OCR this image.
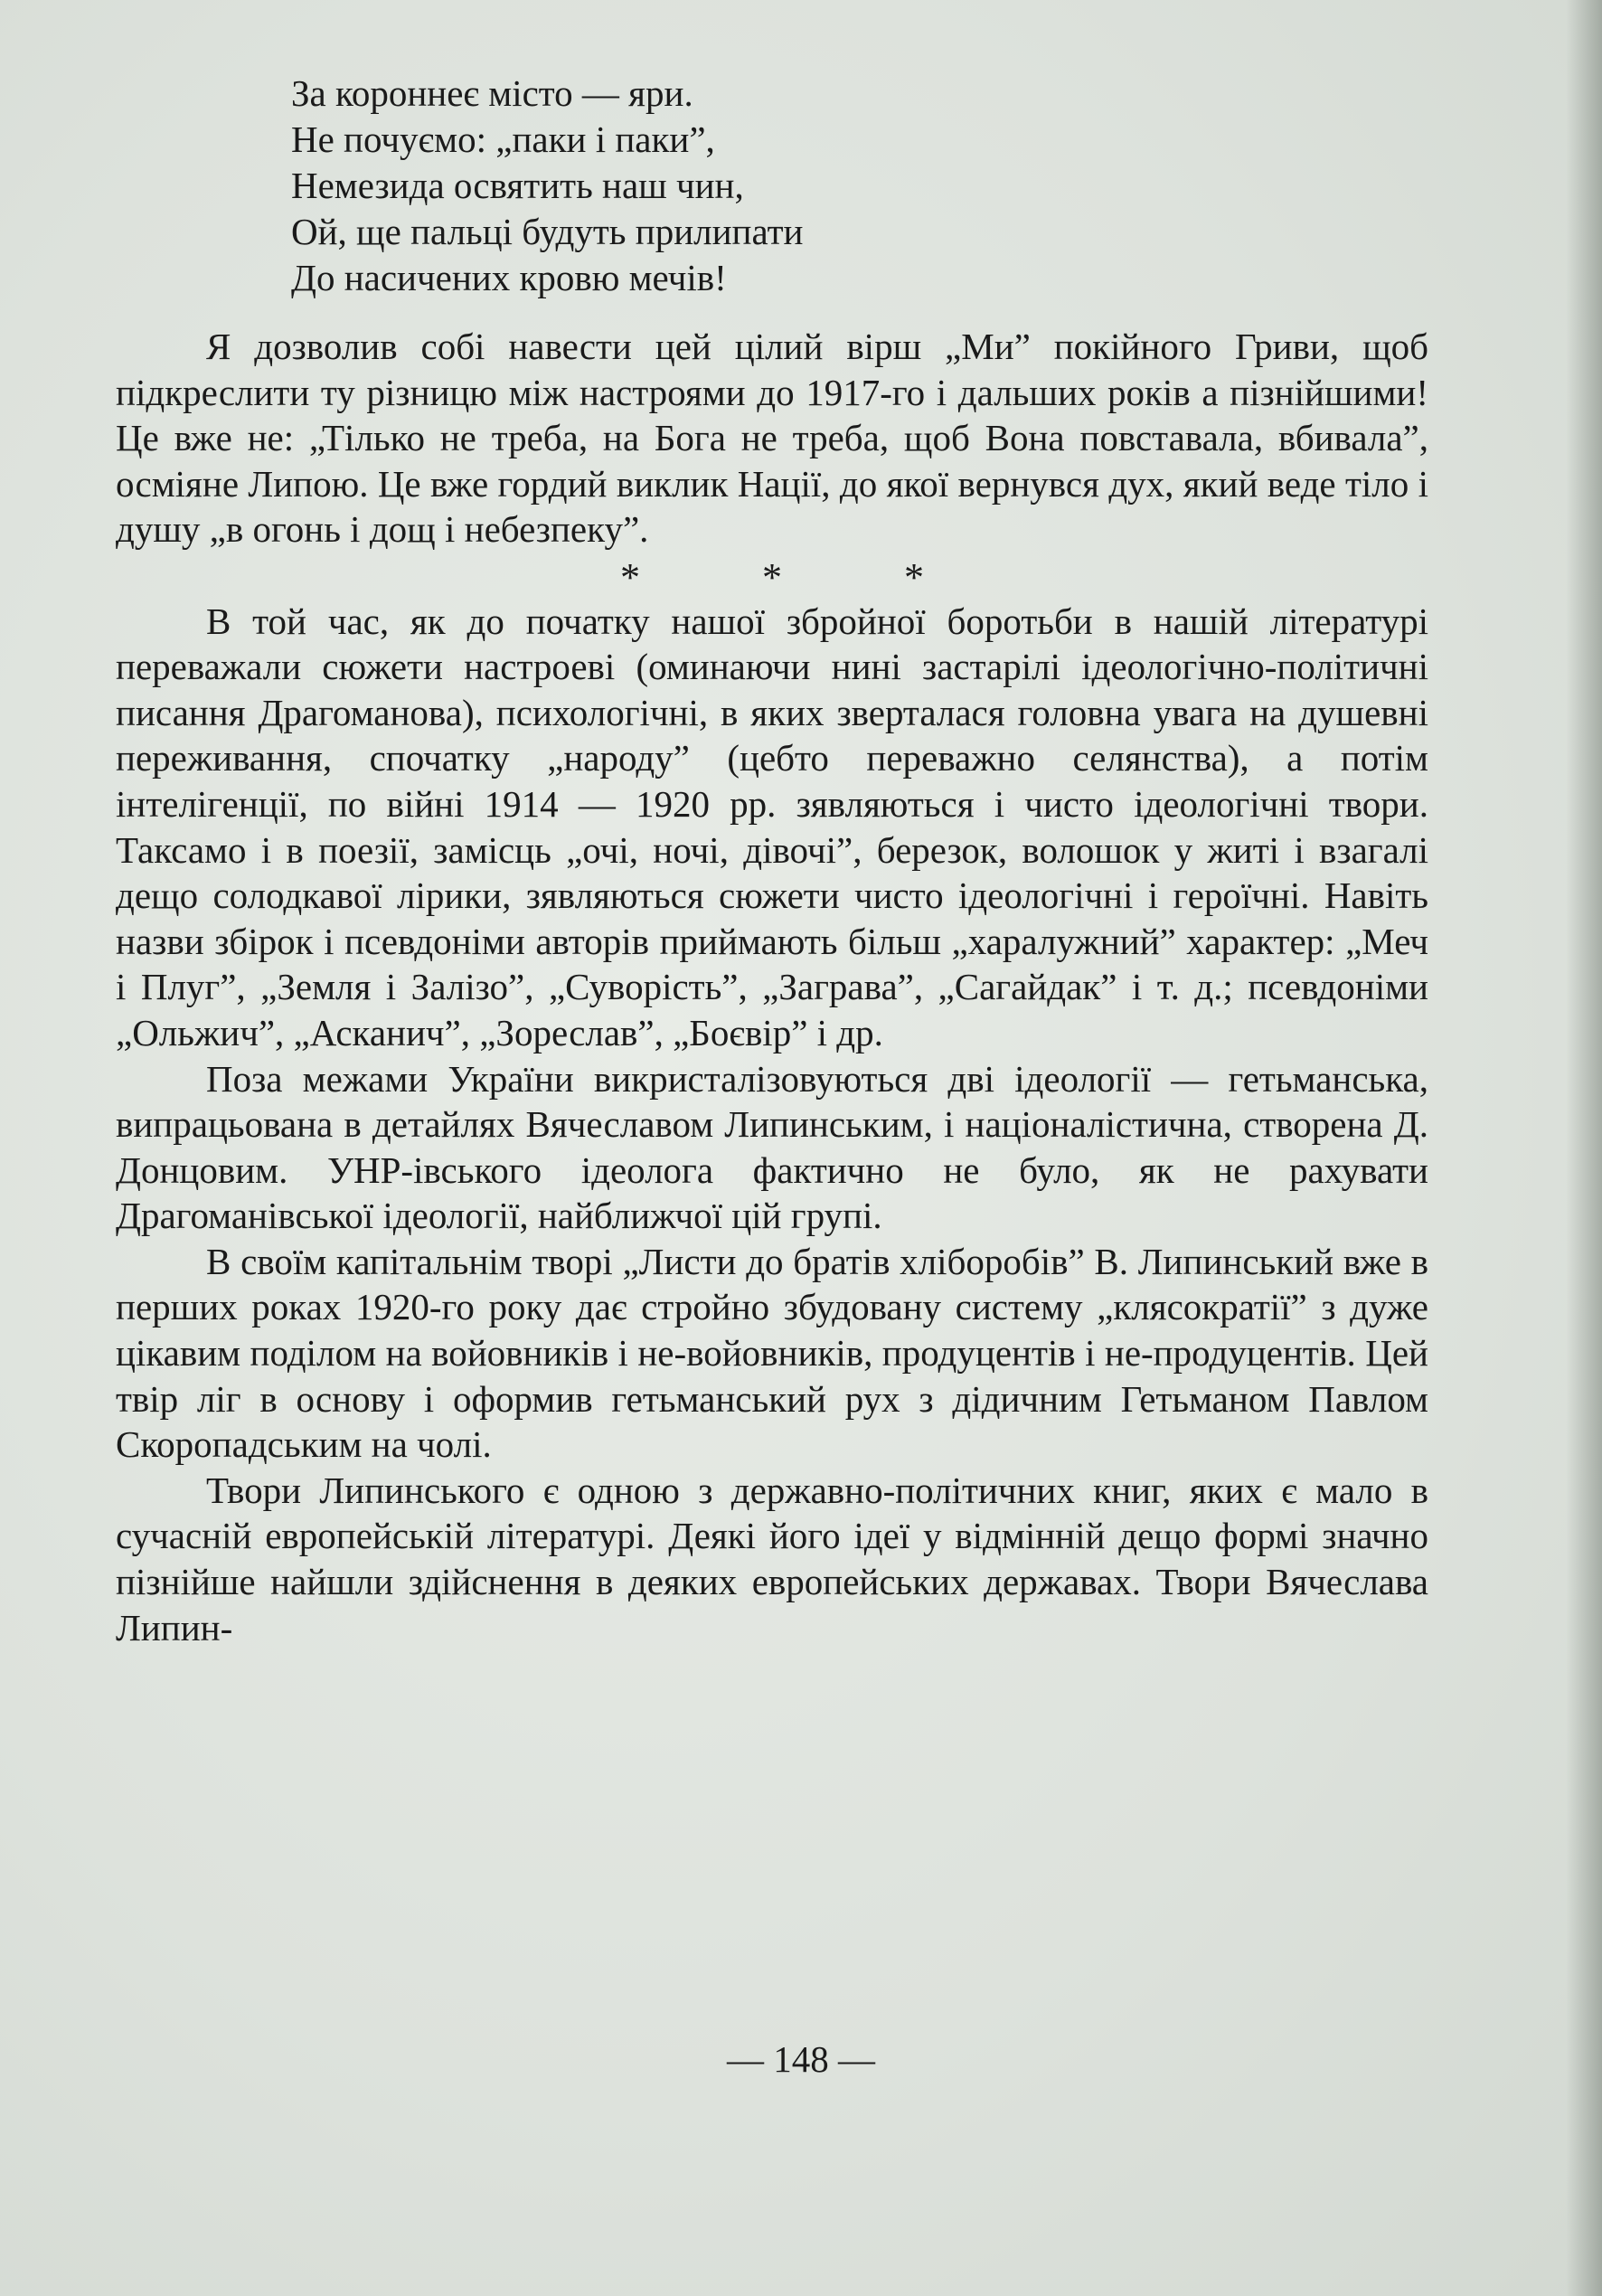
За короннеє місто — яри.
Не почуємо: „паки і паки”,
Немезида освятить наш чин,
Ой, ще пальці будуть прилипати
До насичених кровю мечів!

Я дозволив собі навести цей цілий вірш „Ми” покійного Гриви, щоб підкреслити ту різницю між настроями до 1917-го і дальших років а пізнійшими! Це вже не: „Тілько не треба, на Бога не треба, щоб Вона повставала, вбивала”, осміяне Липою. Це вже гордий виклик Нації, до якої вернувся дух, який веде тіло і душу „в огонь і дощ і небезпеку”.

* * *

В той час, як до початку нашої збройної боротьби в нашій літературі переважали сюжети настроеві (оминаючи нині застарілі ідеологічно-політичні писання Драгоманова), психологічні, в яких зверталася головна увага на душевні переживання, спочатку „народу” (цебто переважно селянства), а потім інтелігенції, по війні 1914 — 1920 рр. зявляються і чисто ідеологічні твори. Таксамо і в поезії, замісць „очі, ночі, дівочі”, березок, волошок у житі і взагалі дещо солодкавої лірики, зявляються сюжети чисто ідеологічні і героїчні. Навіть назви збірок і псевдоніми авторів приймають більш „харалужний” характер: „Меч і Плуг”, „Земля і Залізо”, „Суворість”, „Заграва”, „Сагайдак” і т. д.; псевдоніми „Ольжич”, „Асканич”, „Зореслав”, „Боєвір” і др.

Поза межами України викристалізовуються дві ідеології — гетьманська, випрацьована в детайлях Вячеславом Липинським, і націоналістична, створена Д. Донцовим. УНР-івського ідеолога фактично не було, як не рахувати Драгоманівської ідеології, найближчої цій групі.

В своїм капітальнім творі „Листи до братів хліборобів” В. Липинський вже в перших роках 1920-го року дає стройно збудовану систему „клясократії” з дуже цікавим поділом на войовників і не-войовників, продуцентів і не-продуцентів. Цей твір ліг в основу і оформив гетьманський рух з дідичним Гетьманом Павлом Скоропадським на чолі.

Твори Липинського є одною з державно-політичних книг, яких є мало в сучасній европейській літературі. Деякі його ідеї у відмінній дещо формі значно пізнійше найшли здійснення в деяких европейських державах. Твори Вячеслава Липин-

— 148 —
